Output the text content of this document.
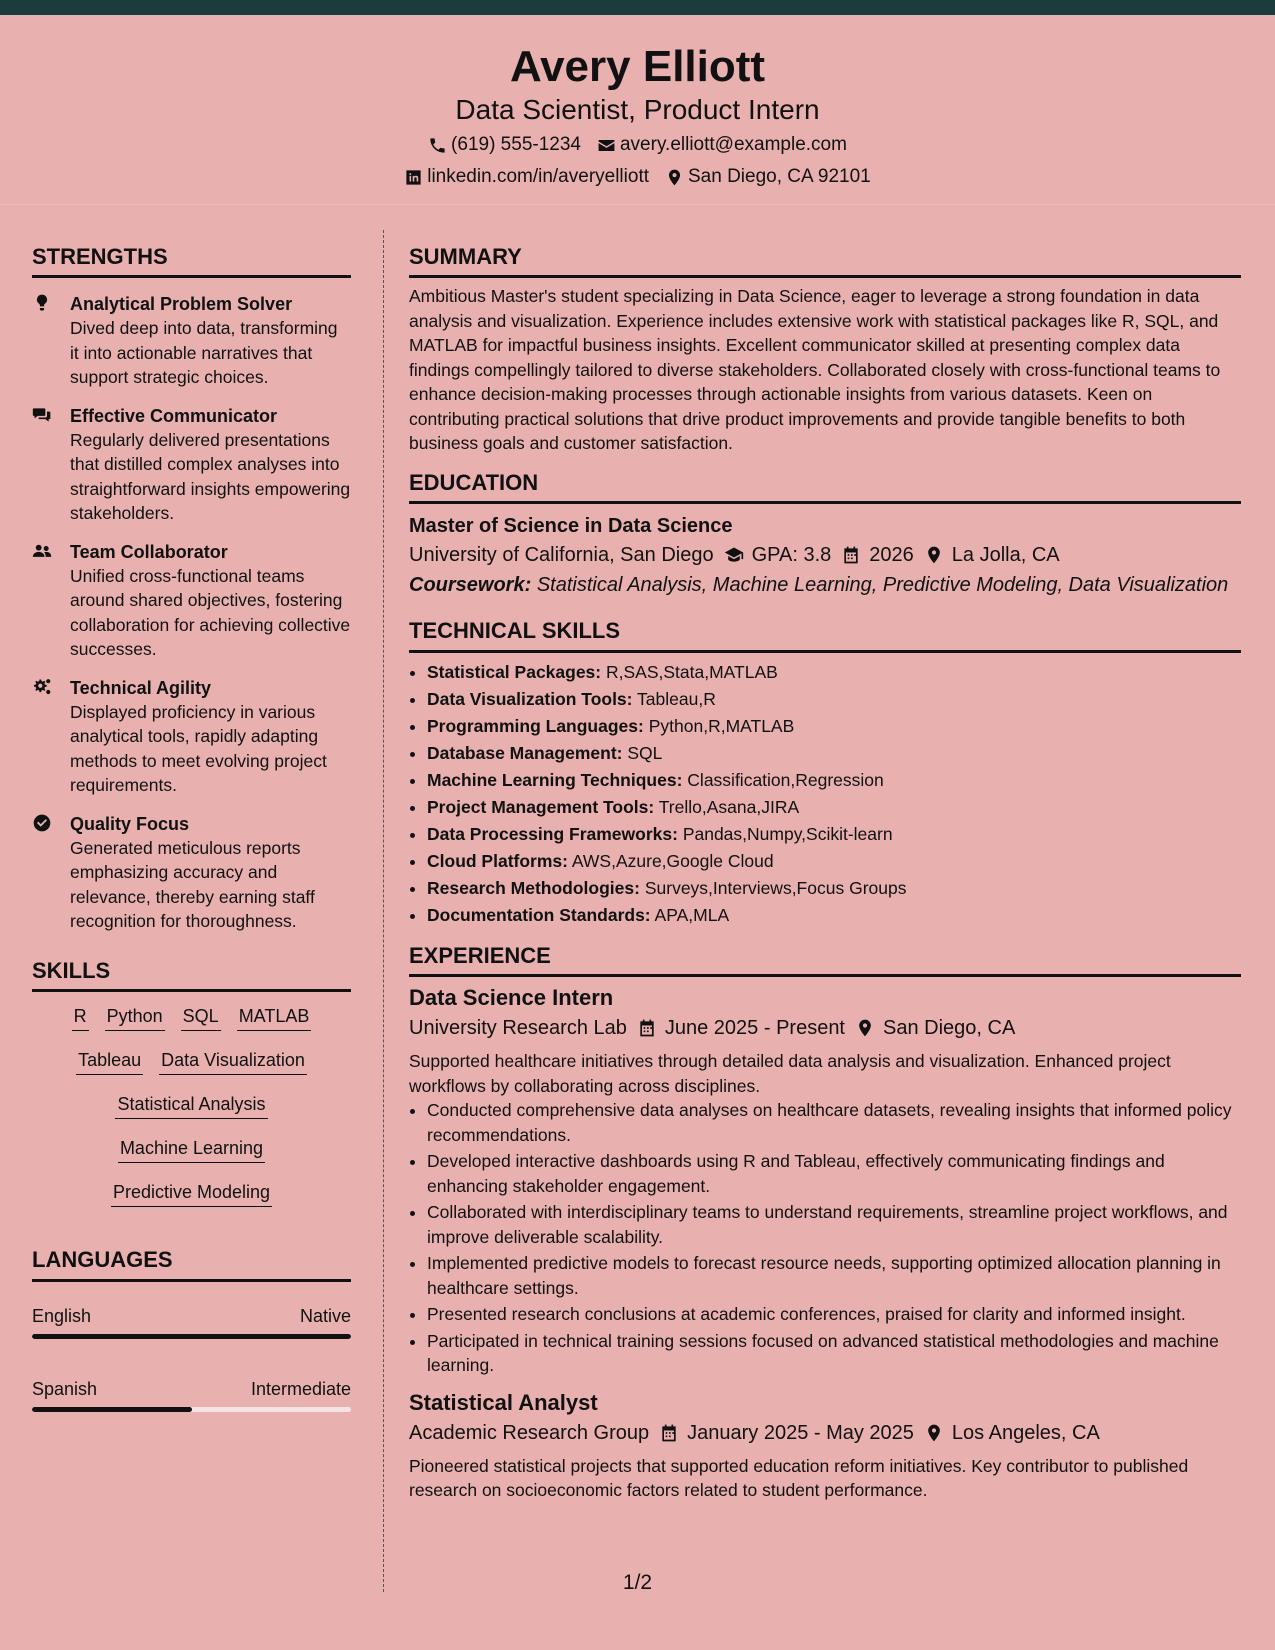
Avery Elliott
Data Scientist, Product Intern
(619) 555-1234 avery.elliott@example.com
linkedin.com/in/averyelliott San Diego, CA 92101
STRENGTHS
Analytical Problem Solver
Dived deep into data, transforming it into actionable narratives that support strategic choices.
Effective Communicator
Regularly delivered presentations that distilled complex analyses into straightforward insights empowering stakeholders.
Team Collaborator
Unified cross-functional teams around shared objectives, fostering collaboration for achieving collective successes.
Technical Agility
Displayed proficiency in various analytical tools, rapidly adapting methods to meet evolving project requirements.
Quality Focus
Generated meticulous reports emphasizing accuracy and relevance, thereby earning staff recognition for thoroughness.
SKILLS
R Python SQL MATLAB
Tableau Data Visualization
Statistical Analysis
Machine Learning
Predictive Modeling
LANGUAGES
English	Native
Spanish	Intermediate
SUMMARY

Ambitious Master's student specializing in Data Science, eager to leverage a strong foundation in data analysis and visualization. Experience includes extensive work with statistical packages like R, SQL, and MATLAB for impactful business insights. Excellent communicator skilled at presenting complex data findings compellingly tailored to diverse stakeholders. Collaborated closely with cross-functional teams to enhance decision-making processes through actionable insights from various datasets. Keen on contributing practical solutions that drive product improvements and provide tangible benefits to both business goals and customer satisfaction.

EDUCATION
Master of Science in Data Science
University of California, San Diego GPA: 3.8 2026 La Jolla, CA
Coursework: Statistical Analysis, Machine Learning, Predictive Modeling, Data Visualization
TECHNICAL SKILLS
• Statistical Packages: R,SAS,Stata,MATLAB
• Data Visualization Tools: Tableau,R
• Programming Languages: Python,R,MATLAB
• Database Management: SQL
• Machine Learning Techniques: Classification,Regression
• Project Management Tools: Trello,Asana,JIRA
• Data Processing Frameworks: Pandas,Numpy,Scikit-learn
• Cloud Platforms: AWS,Azure,Google Cloud
• Research Methodologies: Surveys,Interviews,Focus Groups
• Documentation Standards: APA,MLA
EXPERIENCE
Data Science Intern
University Research Lab June 2025 - Present San Diego, CA
Supported healthcare initiatives through detailed data analysis and visualization. Enhanced project workflows by collaborating across disciplines.
• Conducted comprehensive data analyses on healthcare datasets, revealing insights that informed policy recommendations.
• Developed interactive dashboards using R and Tableau, effectively communicating findings and enhancing stakeholder engagement.
• Collaborated with interdisciplinary teams to understand requirements, streamline project workflows, and improve deliverable scalability.
• Implemented predictive models to forecast resource needs, supporting optimized allocation planning in healthcare settings.
• Presented research conclusions at academic conferences, praised for clarity and informed insight.
• Participated in technical training sessions focused on advanced statistical methodologies and machine learning.
Statistical Analyst
Academic Research Group January 2025 - May 2025 Los Angeles, CA
Pioneered statistical projects that supported education reform initiatives. Key contributor to published research on socioeconomic factors related to student performance.
1/2
